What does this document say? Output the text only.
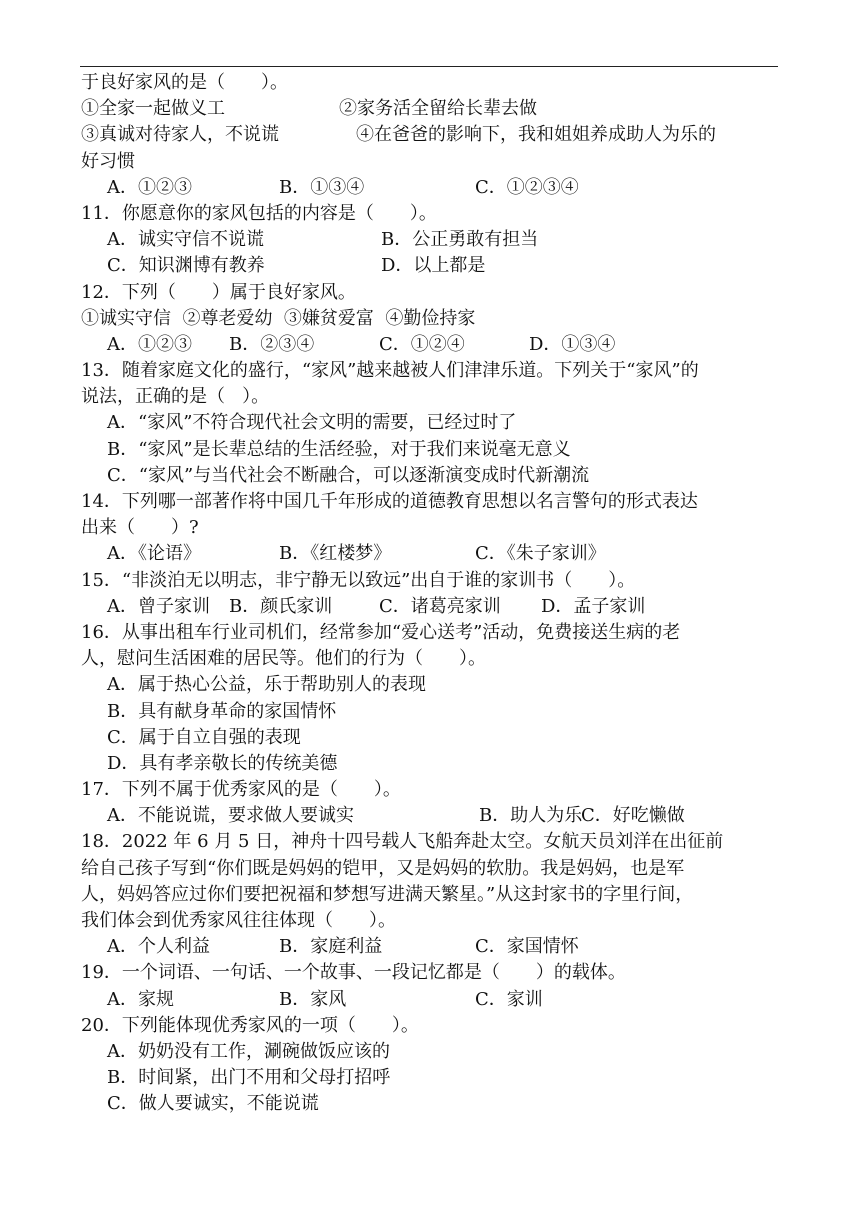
于良好家风的是（　　）。
①全家一起做义工	②家务活全留给长辈去做
③真诚对待家人，不说谎	④在爸爸的影响下，我和姐姐养成助人为乐的
好习惯
A．①②③	B．①③④	C．①②③④
11．你愿意你的家风包括的内容是（　　）。
A．诚实守信不说谎	B．公正勇敢有担当
C．知识渊博有教养	D．以上都是
12．下列（　　）属于良好家风。
①诚实守信  ②尊老爱幼  ③嫌贫爱富  ④勤俭持家
A．①②③ B．②③④	C．①②④	D．①③④
13．随着家庭文化的盛行，“家风”越来越被人们津津乐道。下列关于“家风”的
说法，正确的是（   ）。
A．“家风”不符合现代社会文明的需要，已经过时了
B．“家风”是长辈总结的生活经验，对于我们来说毫无意义
C．“家风”与当代社会不断融合，可以逐渐演变成时代新潮流
14．下列哪一部著作将中国几千年形成的道德教育思想以名言警句的形式表达
出来（　　）?
A．《论语》	B．《红楼梦》	C．《朱子家训》
15．“非淡泊无以明志，非宁静无以致远”出自于谁的家训书（　　）。
A．曾子家训 B．颜氏家训	C．诸葛亮家训 D．孟子家训
16．从事出租车行业司机们，经常参加“爱心送考”活动，免费接送生病的老
人，慰问生活困难的居民等。他们的行为（　　）。
A．属于热心公益，乐于帮助别人的表现
B．具有献身革命的家国情怀
C．属于自立自强的表现
D．具有孝亲敬长的传统美德
17．下列不属于优秀家风的是（　　）。
A．不能说谎，要求做人要诚实	B．助人为乐C．好吃懒做
18．2022 年 6 月 5 日，神舟十四号载人飞船奔赴太空。女航天员刘洋在出征前
给自己孩子写到“你们既是妈妈的铠甲，又是妈妈的软肋。我是妈妈，也是军
人，妈妈答应过你们要把祝福和梦想写进满天繁星。”从这封家书的字里行间，
我们体会到优秀家风往往体现（　　）。
A．个人利益	B．家庭利益	C．家国情怀
19．一个词语、一句话、一个故事、一段记忆都是（　　）的载体。
A．家规	B．家风	C．家训
20．下列能体现优秀家风的一项（　　）。
A．奶奶没有工作，涮碗做饭应该的
B．时间紧，出门不用和父母打招呼
C．做人要诚实，不能说谎
